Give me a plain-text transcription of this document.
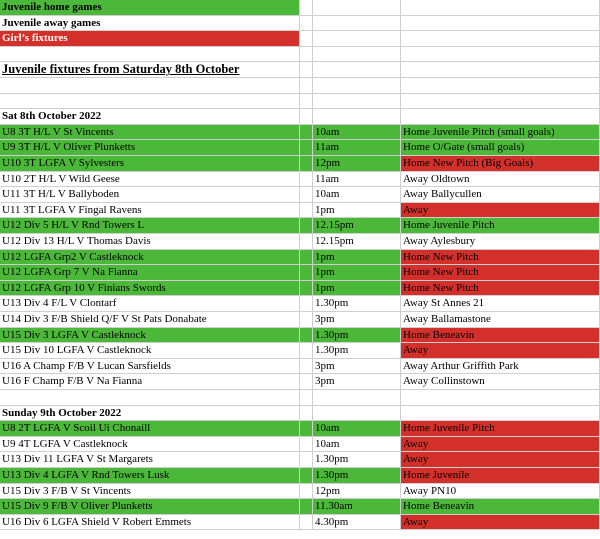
Juvenile home games
Juvenile away games
Girl’s fixtures
Juvenile fixtures from Saturday 8th October
Sat 8th October 2022
U8 3T H/L V St Vincents	10am	Home Juvenile Pitch (small goals)
U9 3T H/L V Oliver Plunketts	11am	Home O/Gate (small goals)
U10 3T LGFA V Sylvesters	12pm	Home New Pitch (Big Goals)
U10 2T H/L V Wild Geese	11am	Away Oldtown
U11 3T H/L V Ballyboden	10am	Away Ballycullen
U11 3T LGFA V Fingal Ravens	1pm	Away
U12 Div 5 H/L V Rnd Towers L	12.15pm	Home Juvenile Pitch
U12 Div 13 H/L V Thomas Davis	12.15pm	Away Aylesbury
U12 LGFA Grp2 V Castleknock	1pm	Home New Pitch
U12 LGFA Grp 7 V Na Fianna	1pm	Home New Pitch
U12 LGFA Grp 10 V Finians Swords	1pm	Home New Pitch
U13 Div 4 F/L V Clontarf	1.30pm	Away St Annes 21
U14 Div 3 F/B Shield Q/F V St Pats Donabate	3pm	Away Ballamastone
U15 Div 3 LGFA V Castleknock	1.30pm	Home Beneavin
U15 Div 10 LGFA V Castleknock	1.30pm	Away
U16 A Champ F/B V Lucan Sarsfields	3pm	Away Arthur Griffith Park
U16 F Champ F/B V Na Fianna	3pm	Away Collinstown
Sunday 9th October 2022
U8 2T LGFA V Scoil Ui Chonaill	10am	Home Juvenile Pitch
U9 4T LGFA V Castleknock	10am	Away
U13 Div 11 LGFA V St Margarets	1.30pm	Away
U13 Div 4 LGFA V Rnd Towers Lusk	1.30pm	Home Juvenile
U15 Div 3 F/B V St Vincents	12pm	Away PN10
U15 Div 9 F/B V Oliver Plunketts	11.30am	Home Beneavin
U16 Div 6 LGFA Shield V Robert Emmets	4.30pm	Away
